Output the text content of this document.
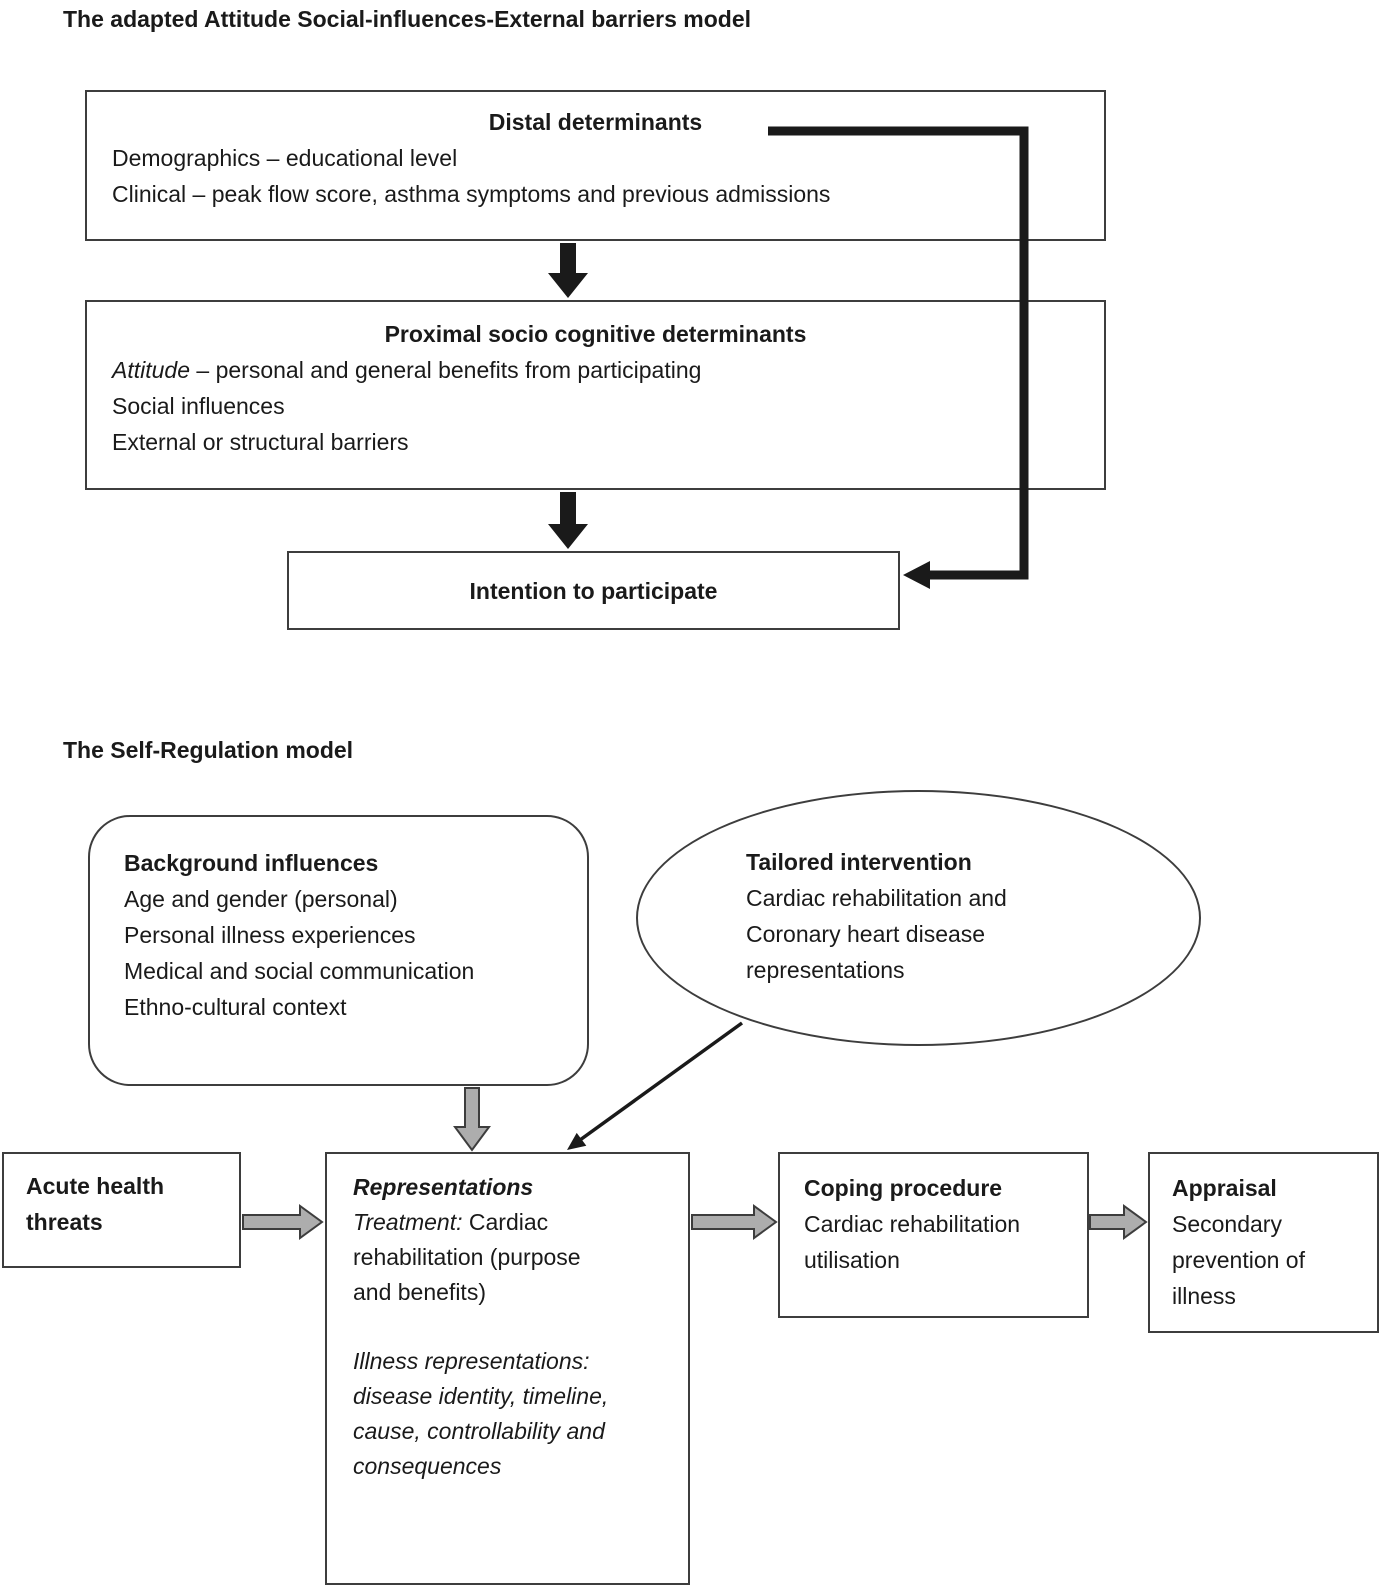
The adapted Attitude Social-influences-External barriers model
Distal determinants
Demographics – educational level
Clinical – peak flow score, asthma symptoms and previous admissions
Proximal socio cognitive determinants
Attitude – personal and general benefits from participating
Social influences
External or structural barriers
Intention to participate
The Self-Regulation model
Background influences
Age and gender (personal)
Personal illness experiences
Medical and social communication
Ethno-cultural context
Tailored intervention
Cardiac rehabilitation and
Coronary heart disease
representations
Acute health threats
Representations

Treatment: Cardiac rehabilitation (purpose and benefits)

Illness representations: disease identity, timeline, cause, controllability and consequences

Coping procedure
Cardiac rehabilitation utilisation
Appraisal
Secondary prevention of illness
